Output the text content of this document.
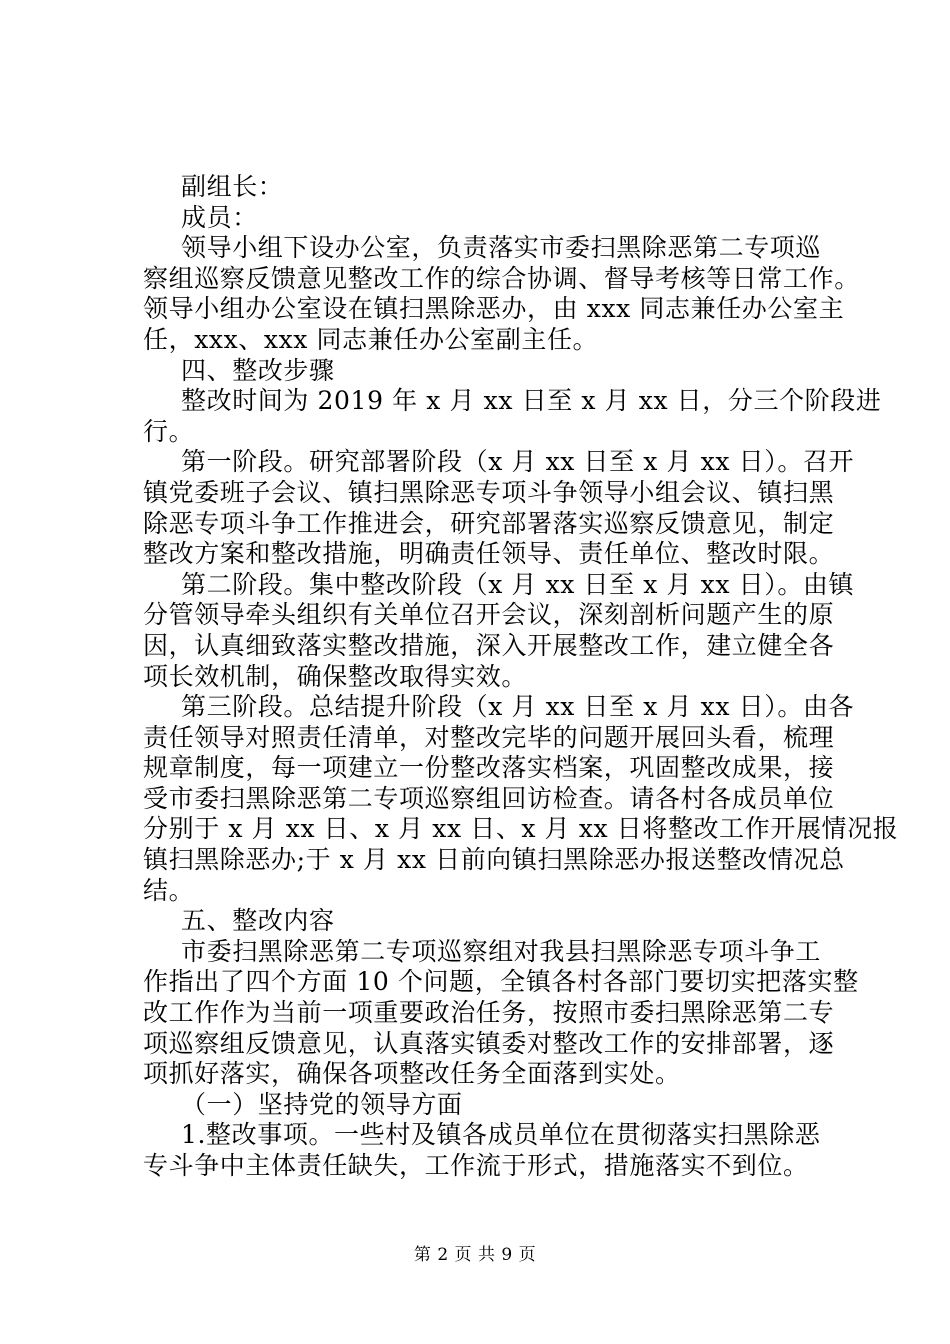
副组长：
成员：
领导小组下设办公室，负责落实市委扫黑除恶第二专项巡
察组巡察反馈意见整改工作的综合协调、督导考核等日常工作。
领导小组办公室设在镇扫黑除恶办，由 xxx 同志兼任办公室主
任，xxx、xxx 同志兼任办公室副主任。
四、整改步骤
整改时间为 2019 年 x 月 xx 日至 x 月 xx 日，分三个阶段进
行。
第一阶段。研究部署阶段（x 月 xx 日至 x 月 xx 日）。召开
镇党委班子会议、镇扫黑除恶专项斗争领导小组会议、镇扫黑
除恶专项斗争工作推进会，研究部署落实巡察反馈意见，制定
整改方案和整改措施，明确责任领导、责任单位、整改时限。
第二阶段。集中整改阶段（x 月 xx 日至 x 月 xx 日）。由镇
分管领导牵头组织有关单位召开会议，深刻剖析问题产生的原
因，认真细致落实整改措施，深入开展整改工作，建立健全各
项长效机制，确保整改取得实效。
第三阶段。总结提升阶段（x 月 xx 日至 x 月 xx 日）。由各
责任领导对照责任清单，对整改完毕的问题开展回头看，梳理
规章制度，每一项建立一份整改落实档案，巩固整改成果，接
受市委扫黑除恶第二专项巡察组回访检查。请各村各成员单位
分别于 x 月 xx 日、x 月 xx 日、x 月 xx 日将整改工作开展情况报
镇扫黑除恶办;于 x 月 xx 日前向镇扫黑除恶办报送整改情况总
结。
五、整改内容
市委扫黑除恶第二专项巡察组对我县扫黑除恶专项斗争工
作指出了四个方面 10 个问题，全镇各村各部门要切实把落实整
改工作作为当前一项重要政治任务，按照市委扫黑除恶第二专
项巡察组反馈意见，认真落实镇委对整改工作的安排部署，逐
项抓好落实，确保各项整改任务全面落到实处。
（一）坚持党的领导方面
1.整改事项。一些村及镇各成员单位在贯彻落实扫黑除恶
专斗争中主体责任缺失，工作流于形式，措施落实不到位。
第 2 页 共 9 页
